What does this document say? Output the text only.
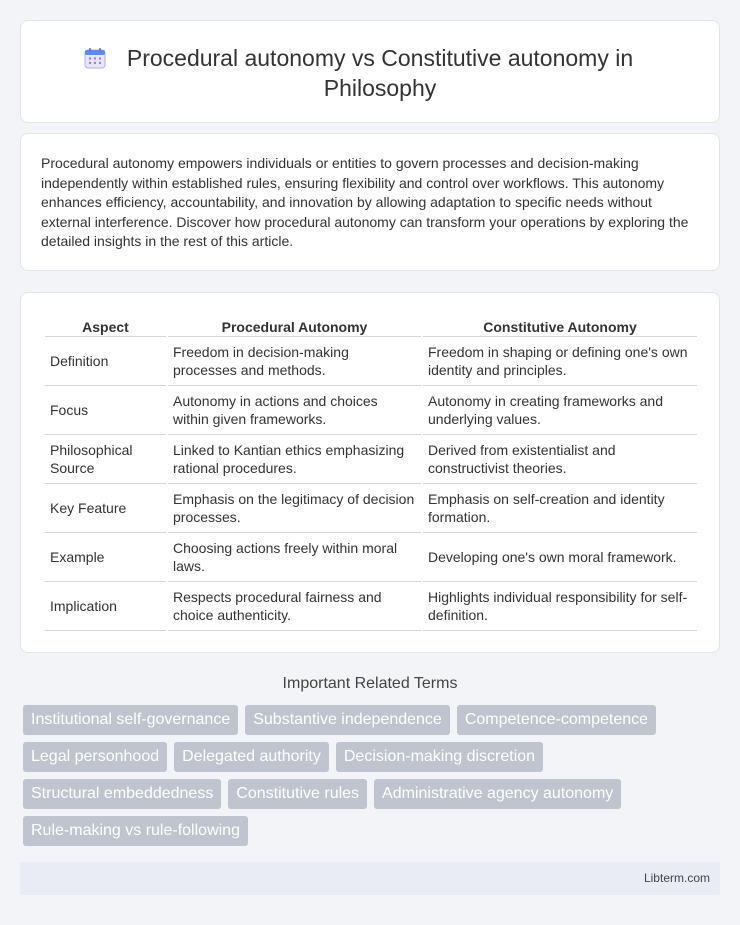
Procedural autonomy vs Constitutive autonomy in Philosophy

Procedural autonomy empowers individuals or entities to govern processes and decision-making independently within established rules, ensuring flexibility and control over workflows. This autonomy enhances efficiency, accountability, and innovation by allowing adaptation to specific needs without external interference. Discover how procedural autonomy can transform your operations by exploring the detailed insights in the rest of this article.

Aspect	Procedural Autonomy	Constitutive Autonomy
Definition	Freedom in decision-making processes and methods.	Freedom in shaping or defining one's own identity and principles.
Focus	Autonomy in actions and choices within given frameworks.	Autonomy in creating frameworks and underlying values.
Philosophical Source	Linked to Kantian ethics emphasizing rational procedures.	Derived from existentialist and constructivist theories.
Key Feature	Emphasis on the legitimacy of decision processes.	Emphasis on self-creation and identity formation.
Example	Choosing actions freely within moral laws.	Developing one's own moral framework.
Implication	Respects procedural fairness and choice authenticity.	Highlights individual responsibility for self-definition.
Important Related Terms
Institutional self-governance	Substantive independence	Competence-competence
Legal personhood	Delegated authority	Decision-making discretion
Structural embeddedness	Constitutive rules	Administrative agency autonomy
Rule-making vs rule-following
Libterm.com
